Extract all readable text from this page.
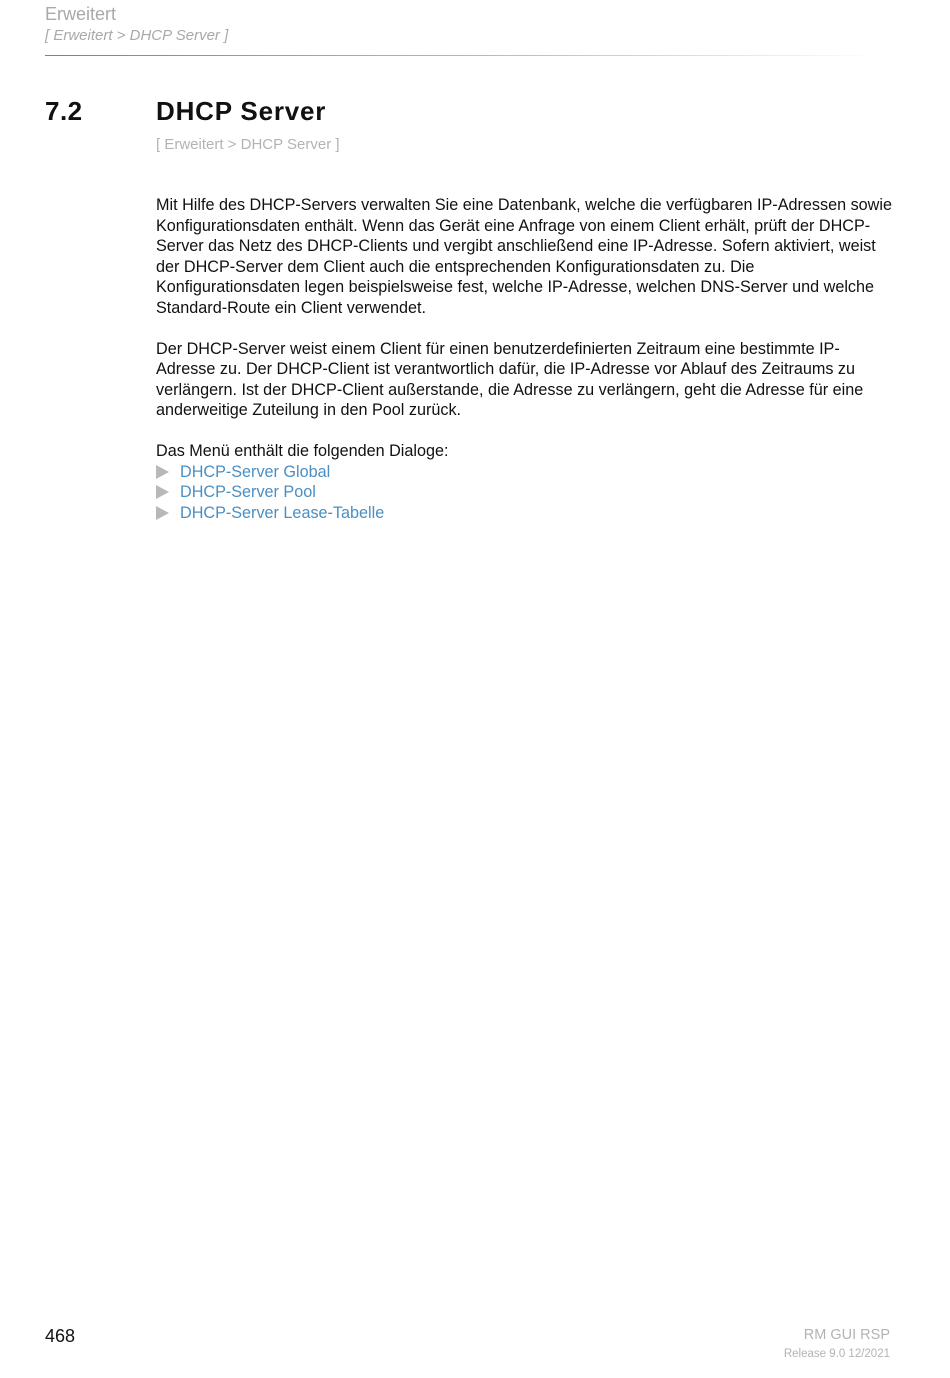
Erweitert
[ Erweitert > DHCP Server ]
7.2	DHCP Server
[ Erweitert > DHCP Server ]

Mit Hilfe des DHCP-Servers verwalten Sie eine Datenbank, welche die verfügbaren IP-Adressen sowie Konfigurationsdaten enthält. Wenn das Gerät eine Anfrage von einem Client erhält, prüft der DHCP-Server das Netz des DHCP-Clients und vergibt anschließend eine IP-Adresse. Sofern aktiviert, weist der DHCP-Server dem Client auch die entsprechenden Konfigurationsdaten zu. Die Konfigurationsdaten legen beispielsweise fest, welche IP-Adresse, welchen DNS-Server und welche Standard-Route ein Client verwendet.

Der DHCP-Server weist einem Client für einen benutzerdefinierten Zeitraum eine bestimmte IP-Adresse zu. Der DHCP-Client ist verantwortlich dafür, die IP-Adresse vor Ablauf des Zeitraums zu verlängern. Ist der DHCP-Client außerstande, die Adresse zu verlängern, geht die Adresse für eine anderweitige Zuteilung in den Pool zurück.

Das Menü enthält die folgenden Dialoge:
DHCP-Server Global
DHCP-Server Pool
DHCP-Server Lease-Tabelle
468	RM GUI RSP
Release 9.0 12/2021
